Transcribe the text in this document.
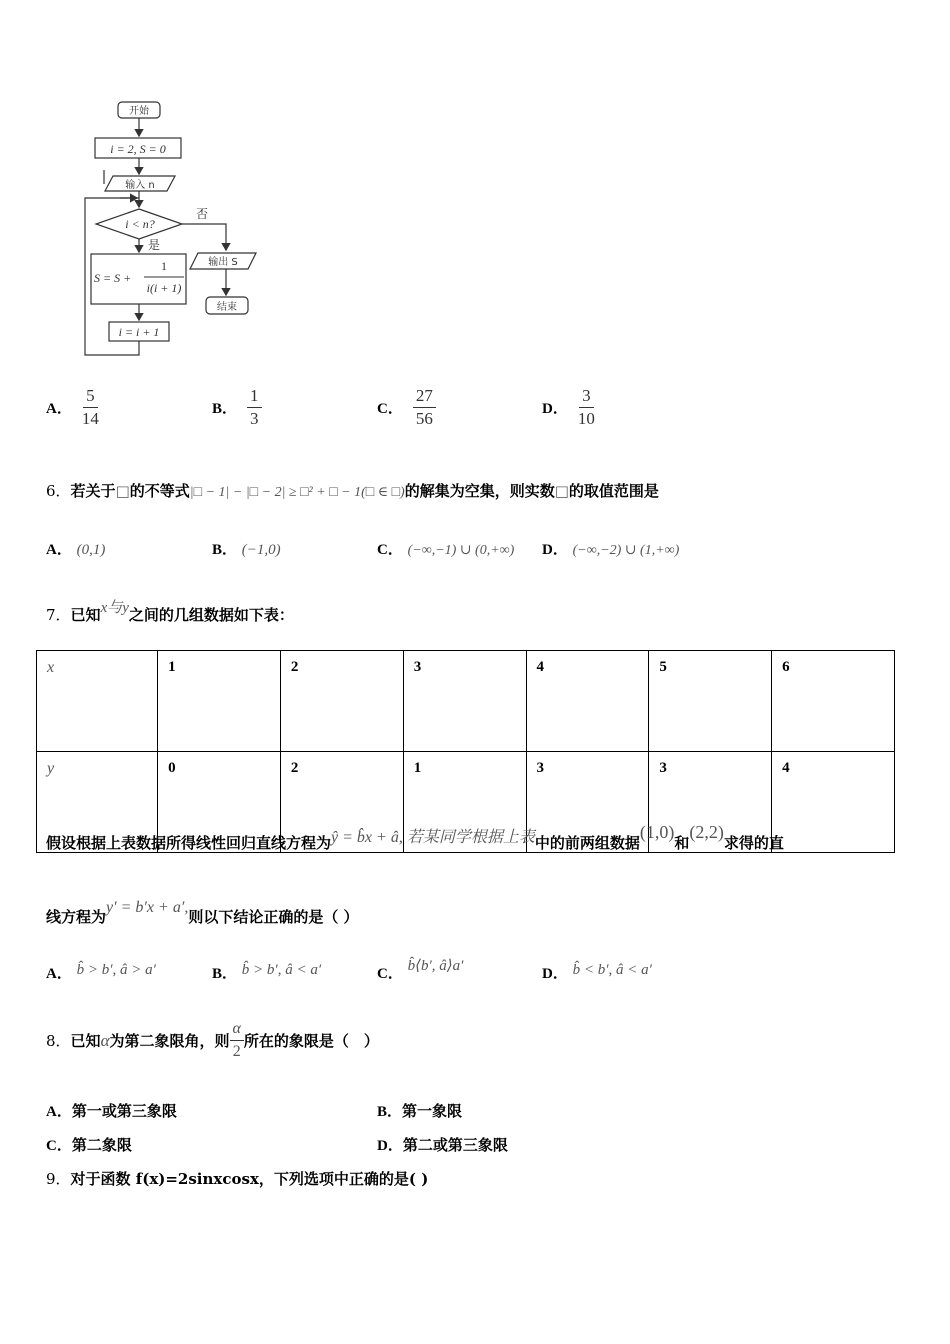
开始
输入 n
输出 S
结束
否
是
i = 2, S = 0
i < n?
S = S +
1
i(i + 1)
i = i + 1
A． $\frac{5}{14}$	B． $\frac{1}{3}$	C． $\frac{27}{56}$	D． $\frac{3}{10}$
6．若关于□的不等式|□ − 1| − |□ − 2| ≥ □² + □ − 1(□ ∈ □)的解集为空集，则实数□的取值范围是
A． (0,1)	B． (−1,0)	C． (−∞,−1) ∪ (0,+∞) D． (−∞,−2) ∪ (1,+∞)
7．已知x与y之间的几组数据如下表：
x	1	2	3	4	5	6
y	0	2	1	3	3	4
假设根据上表数据所得线性回归直线方程为ŷ = b̂x + â, 若某同学根据上表中的前两组数据(1,0)和(2,2)求得的直
线方程为y′ = b′x + a′,则以下结论正确的是（ ）
A． b̂ > b′, â > a′	B． b̂ > b′, â < a′	C． b̂⟨b′, â⟩a′	D． b̂ < b′, â < a′
8． 已知 α 为第二象限角，则 $\frac{\alpha}{2}$ 所在的象限是（　）
A．第一或第三象限	B．第一象限
C．第二象限	D．第二或第三象限
9．对于函数 f(x)=2sinxcosx，下列选项中正确的是( )
